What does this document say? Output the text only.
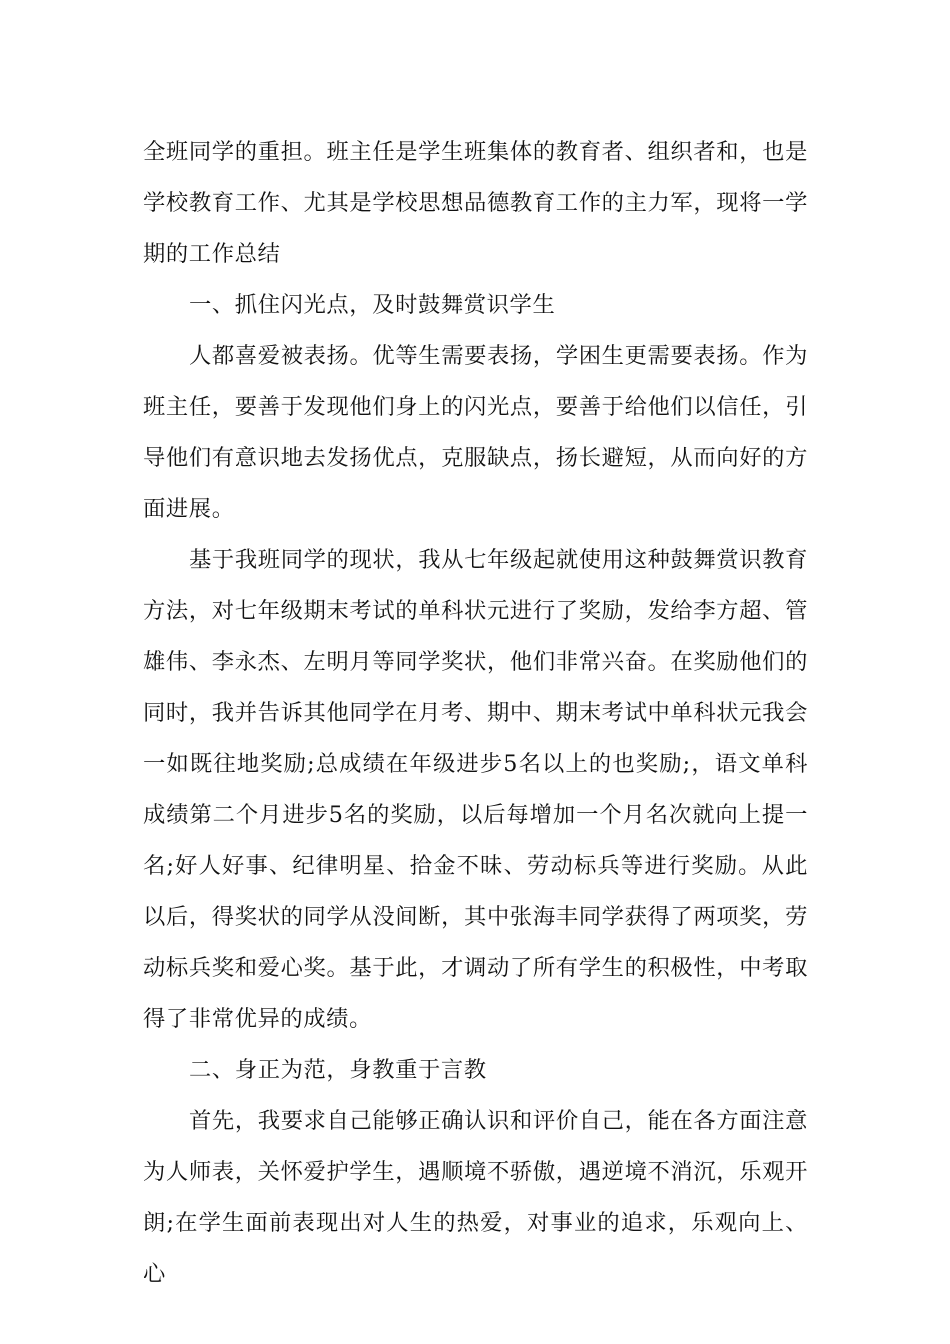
全班同学的重担。班主任是学生班集体的教育者、组织者和，也是学校教育工作、尤其是学校思想品德教育工作的主力军，现将一学期的工作总结

一、抓住闪光点，及时鼓舞赏识学生

人都喜爱被表扬。优等生需要表扬，学困生更需要表扬。作为班主任，要善于发现他们身上的闪光点，要善于给他们以信任，引导他们有意识地去发扬优点，克服缺点，扬长避短，从而向好的方面进展。

基于我班同学的现状，我从七年级起就使用这种鼓舞赏识教育方法，对七年级期末考试的单科状元进行了奖励，发给李方超、管雄伟、李永杰、左明月等同学奖状，他们非常兴奋。在奖励他们的同时，我并告诉其他同学在月考、期中、期末考试中单科状元我会一如既往地奖励;总成绩在年级进步5名以上的也奖励;，语文单科成绩第二个月进步5名的奖励，以后每增加一个月名次就向上提一名;好人好事、纪律明星、拾金不昧、劳动标兵等进行奖励。从此以后，得奖状的同学从没间断，其中张海丰同学获得了两项奖，劳动标兵奖和爱心奖。基于此，才调动了所有学生的积极性，中考取得了非常优异的成绩。

二、身正为范，身教重于言教

首先，我要求自己能够正确认识和评价自己，能在各方面注意为人师表，关怀爱护学生，遇顺境不骄傲，遇逆境不消沉，乐观开朗;在学生面前表现出对人生的热爱，对事业的追求，乐观向上、心
